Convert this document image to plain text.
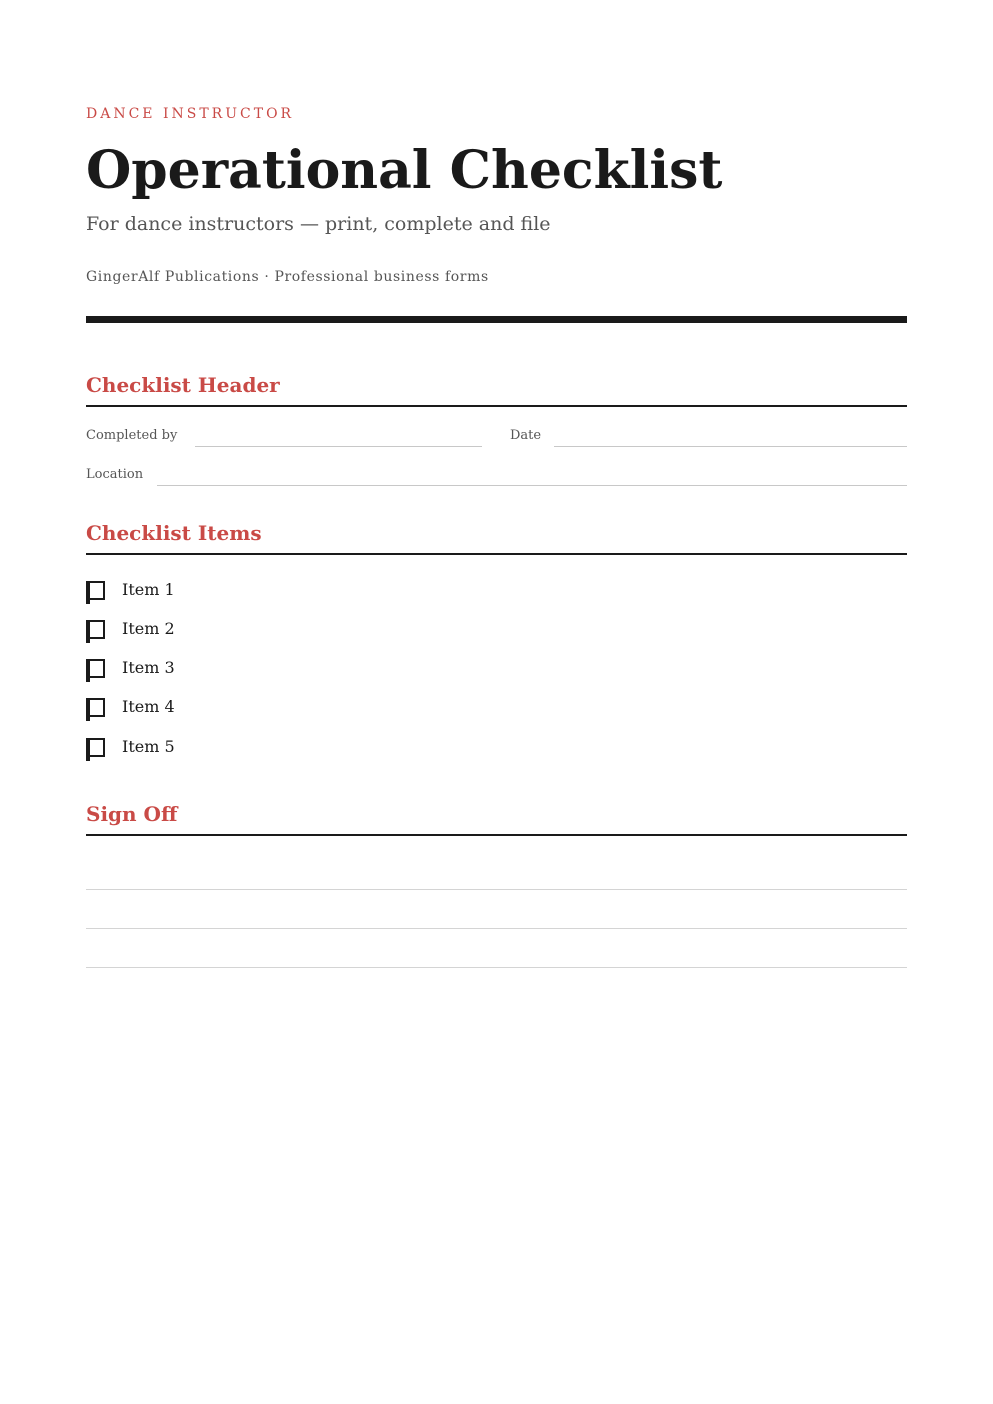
DANCE INSTRUCTOR
Operational Checklist
For dance instructors — print, complete and file
GingerAlf Publications · Professional business forms
Checklist Header
Completed by	Date
Location
Checklist Items
Item 1
Item 2
Item 3
Item 4
Item 5
Sign Off
